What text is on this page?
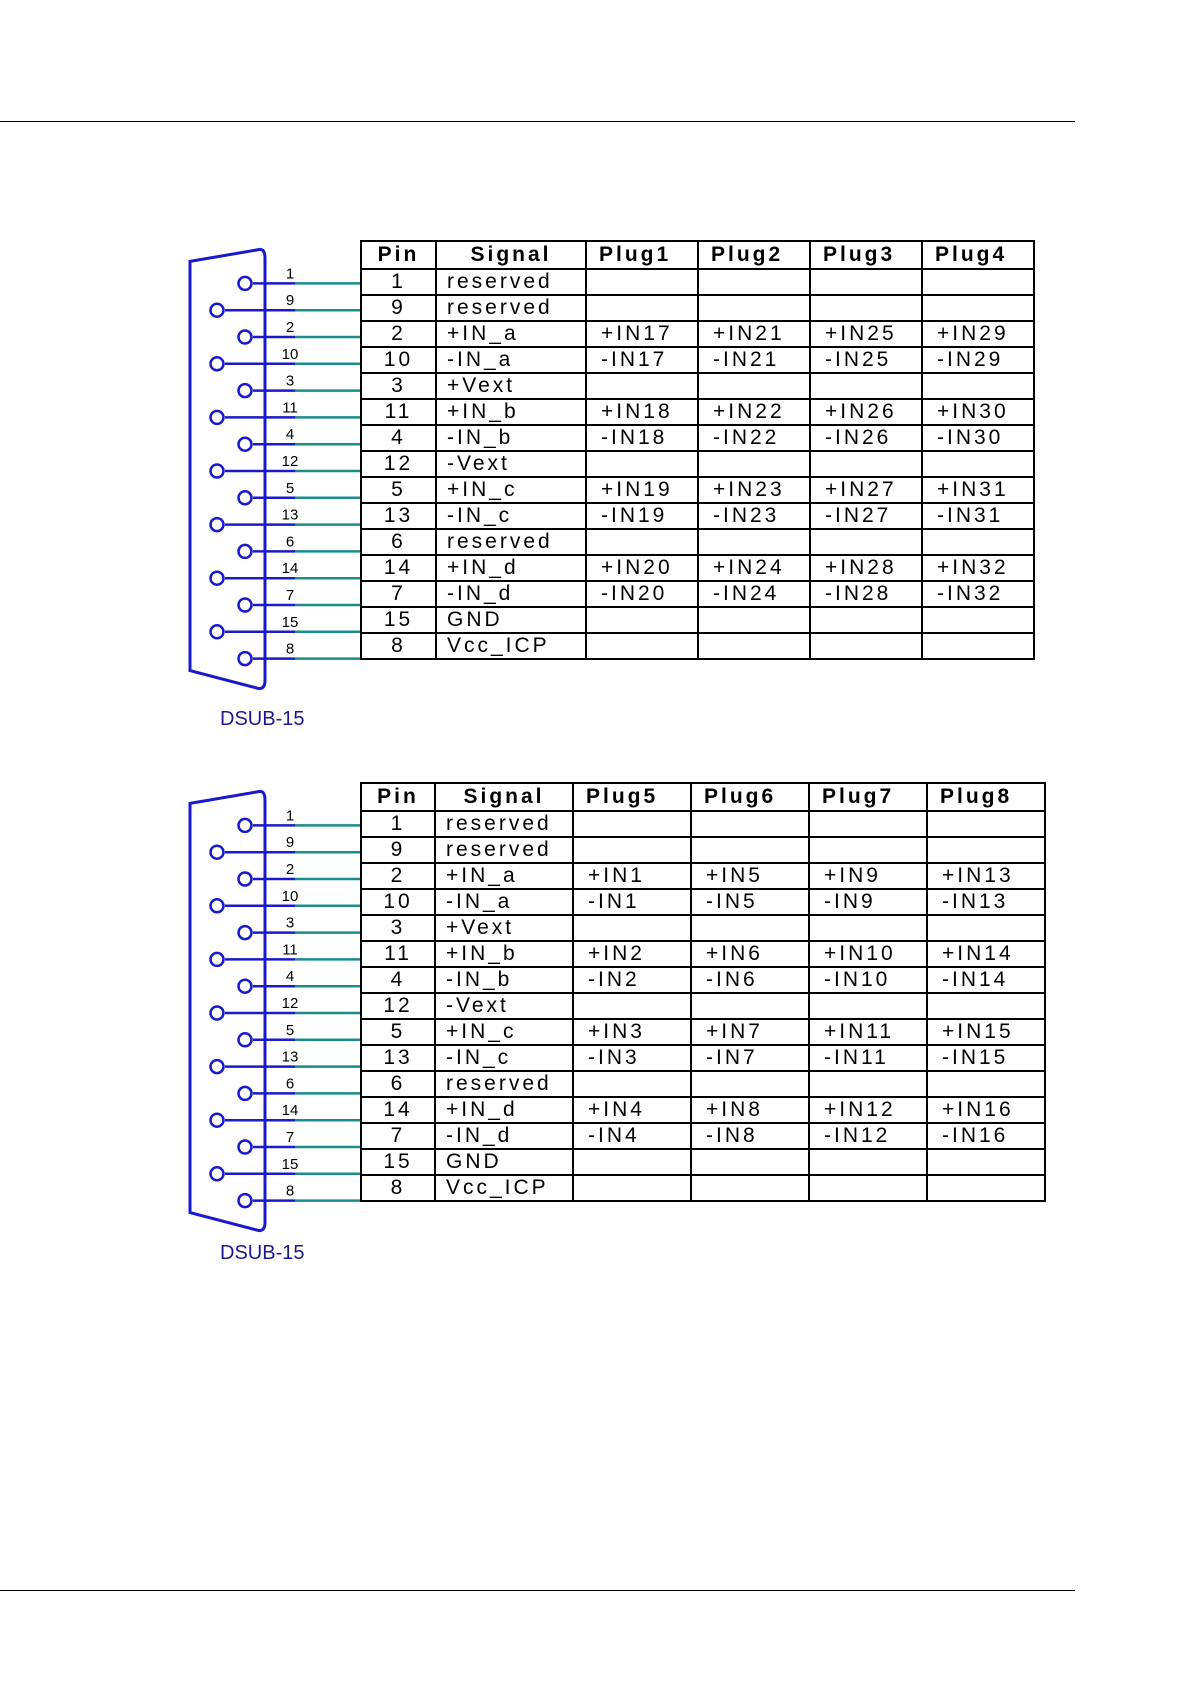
1
9
2
10
3
11
4
12
5
13
6
14
7
15
8
Pin	Signal	Plug1	Plug2	Plug3	Plug4
1	reserved				
9	reserved				
2	+IN_a	+IN17	+IN21	+IN25	+IN29
10	-IN_a	-IN17	-IN21	-IN25	-IN29
3	+Vext				
11	+IN_b	+IN18	+IN22	+IN26	+IN30
4	-IN_b	-IN18	-IN22	-IN26	-IN30
12	-Vext				
5	+IN_c	+IN19	+IN23	+IN27	+IN31
13	-IN_c	-IN19	-IN23	-IN27	-IN31
6	reserved				
14	+IN_d	+IN20	+IN24	+IN28	+IN32
7	-IN_d	-IN20	-IN24	-IN28	-IN32
15	GND				
8	Vcc_ICP				
DSUB-15
1
9
2
10
3
11
4
12
5
13
6
14
7
15
8
Pin	Signal	Plug5	Plug6	Plug7	Plug8
1	reserved				
9	reserved				
2	+IN_a	+IN1	+IN5	+IN9	+IN13
10	-IN_a	-IN1	-IN5	-IN9	-IN13
3	+Vext				
11	+IN_b	+IN2	+IN6	+IN10	+IN14
4	-IN_b	-IN2	-IN6	-IN10	-IN14
12	-Vext				
5	+IN_c	+IN3	+IN7	+IN11	+IN15
13	-IN_c	-IN3	-IN7	-IN11	-IN15
6	reserved				
14	+IN_d	+IN4	+IN8	+IN12	+IN16
7	-IN_d	-IN4	-IN8	-IN12	-IN16
15	GND				
8	Vcc_ICP				
DSUB-15
